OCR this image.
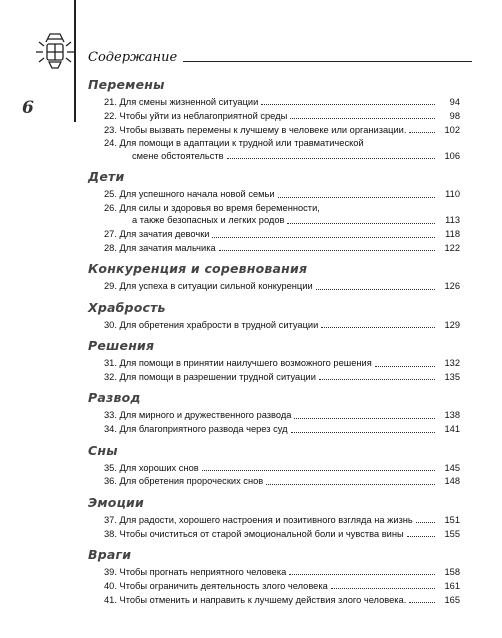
6
Содержание
Перемены
21. Для смены жизненной ситуации	94
22. Чтобы уйти из неблагоприятной среды	98
23. Чтобы вызвать перемены к лучшему в человеке или организации.	102
24. Для помощи в адаптации к трудной или травматической
смене обстоятельств	106
Дети
25. Для успешного начала новой семьи	110
26. Для силы и здоровья во время беременности,
а также безопасных и легких родов	113
27. Для зачатия девочки	118
28. Для зачатия мальчика	122
Конкуренция и соревнования
29. Для успеха в ситуации сильной конкуренции	126
Храбрость
30. Для обретения храбрости в трудной ситуации	129
Решения
31. Для помощи в принятии наилучшего возможного решения	132
32. Для помощи в разрешении трудной ситуации	135
Развод
33. Для мирного и дружественного развода	138
34. Для благоприятного развода через суд	141
Сны
35. Для хороших снов	145
36. Для обретения пророческих снов	148
Эмоции
37. Для радости, хорошего настроения и позитивного взгляда на жизнь	151
38. Чтобы очиститься от старой эмоциональной боли и чувства вины	155
Враги
39. Чтобы прогнать неприятного человека	158
40. Чтобы ограничить деятельность злого человека	161
41. Чтобы отменить и направить к лучшему действия злого человека.	165
